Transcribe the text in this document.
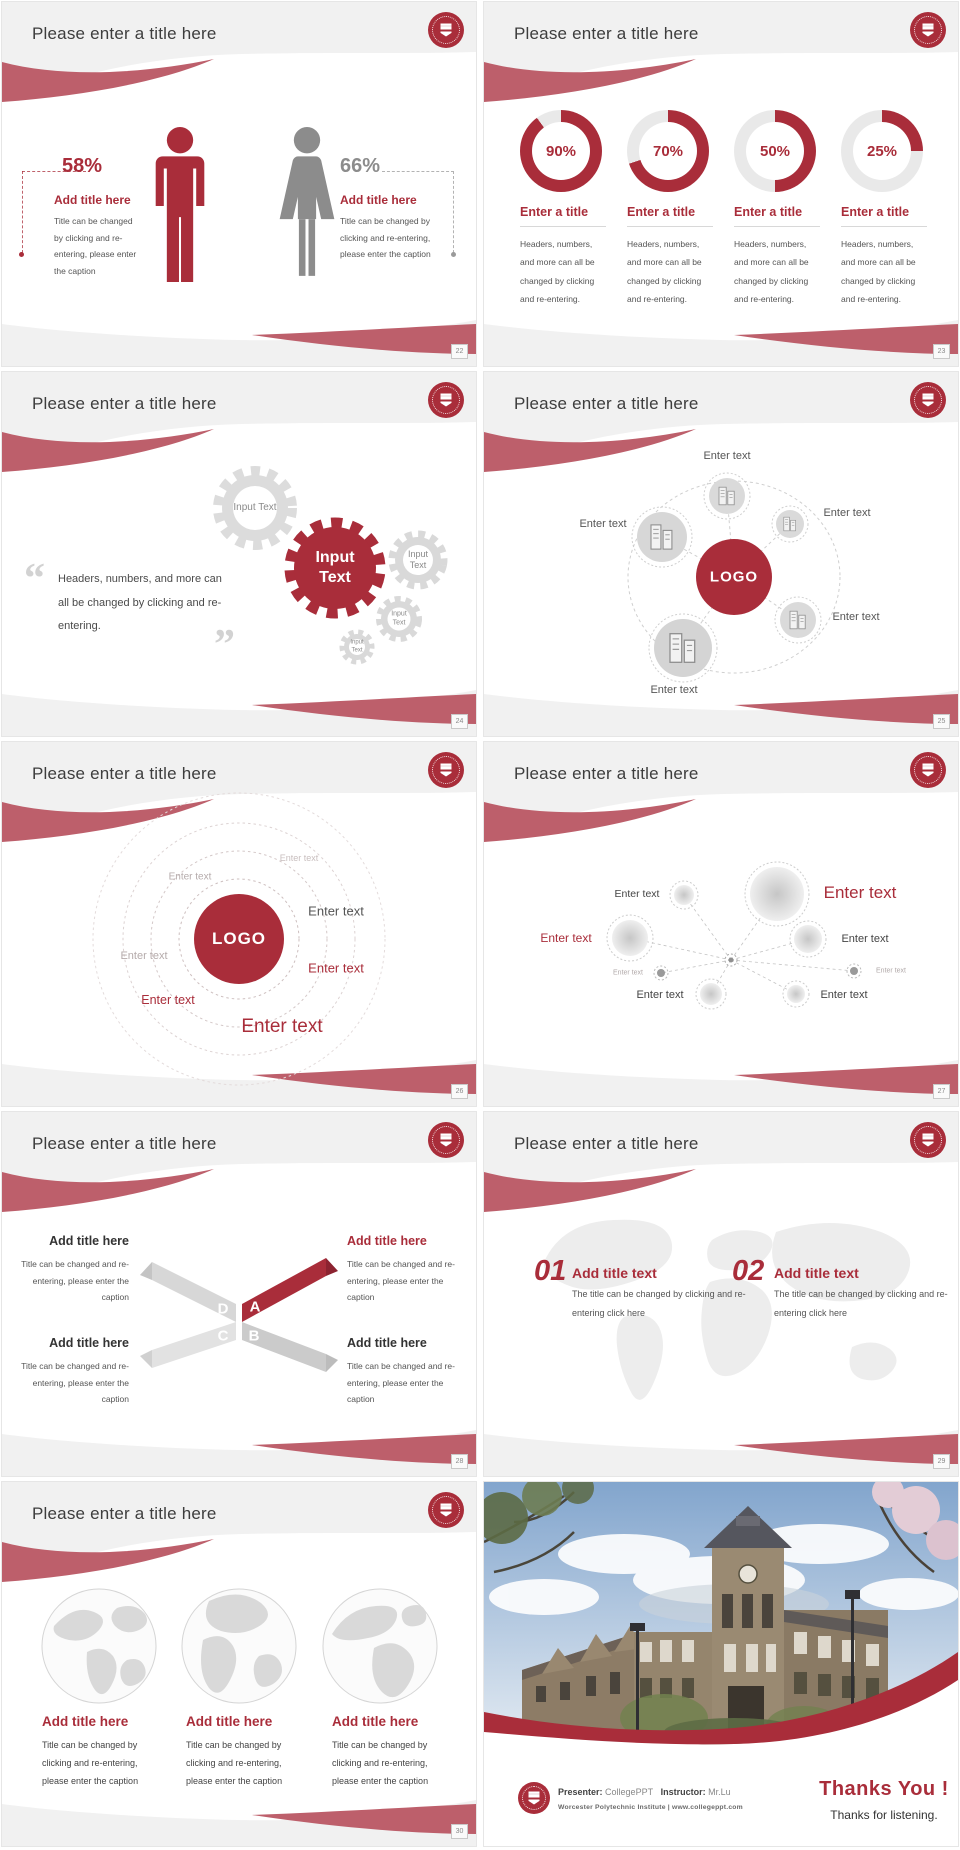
Please enter a title here
58%
Add title here
Title can be changed by clicking and re-entering, please enter the caption
66%
Add title here
Title can be changed by clicking and re-entering, please enter the caption
22
Please enter a title here
90%
Enter a title
Headers, numbers, and more can all be changed by clicking and re-entering.
70%
Enter a title
Headers, numbers, and more can all be changed by clicking and re-entering.
50%
Enter a title
Headers, numbers, and more can all be changed by clicking and re-entering.
25%
Enter a title
Headers, numbers, and more can all be changed by clicking and re-entering.
23
Please enter a title here
“ Headers, numbers, and more can all be changed by clicking and re-entering.	”
Input Text
Input Text
Input Text
Input Text
Input Text
24
Please enter a title here
LOGO
Enter text
Enter text
Enter text
Enter text
Enter text
25
Please enter a title here
LOGO
Enter text
Enter text
Enter text
Enter text
Enter text
Enter text
Enter text
26
Please enter a title here
Enter text	Enter text
Enter text	Enter text
Enter text	Enter text
Enter text	Enter text
27
Please enter a title here
D A
C B
Add title here
Title can be changed and re-entering, please enter the caption
Add title here
Title can be changed and re-entering, please enter the caption
Add title here
Title can be changed and re-entering, please enter the caption
Add title here
Title can be changed and re-entering, please enter the caption
28
Please enter a title here
01 Add title text
The title can be changed by clicking and re-entering click here
02 Add title text
The title can be changed by clicking and re-entering click here
29
Please enter a title here
Add title here
Title can be changed by clicking and re-entering, please enter the caption
Add title here
Title can be changed by clicking and re-entering, please enter the caption
Add title here
Title can be changed by clicking and re-entering, please enter the caption
30
Presenter: CollegePPT Instructor: Mr.Lu
Worcester Polytechnic Institute | www.collegeppt.com
Thanks You !
Thanks for listening.
